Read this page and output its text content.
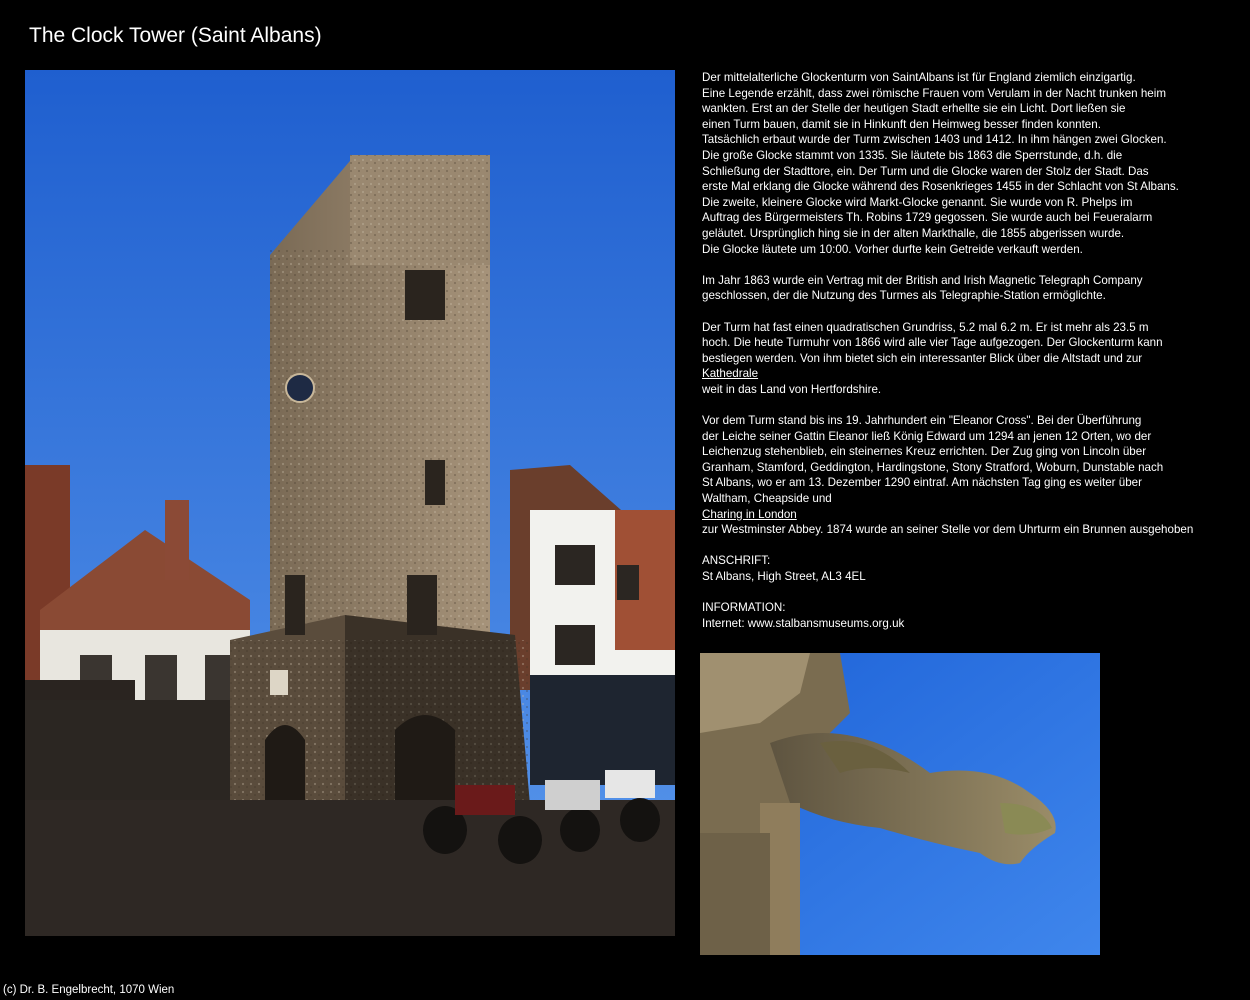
The Clock Tower (Saint Albans)

Der mittelalterliche Glockenturm von SaintAlbans ist für England ziemlich einzigartig.
Eine Legende erzählt, dass zwei römische Frauen vom Verulam in der Nacht trunken heim
wankten. Erst an der Stelle der heutigen Stadt erhellte sie ein Licht. Dort ließen sie
einen Turm bauen, damit sie in Hinkunft den Heimweg besser finden konnten.
Tatsächlich erbaut wurde der Turm zwischen 1403 und 1412. In ihm hängen zwei Glocken.
Die große Glocke stammt von 1335. Sie läutete bis 1863 die Sperrstunde, d.h. die
Schließung der Stadttore, ein. Der Turm und die Glocke waren der Stolz der Stadt. Das
erste Mal erklang die Glocke während des Rosenkrieges 1455 in der Schlacht von St Albans.
Die zweite, kleinere Glocke wird Markt-Glocke genannt. Sie wurde von R. Phelps im
Auftrag des Bürgermeisters Th. Robins 1729 gegossen. Sie wurde auch bei Feueralarm
geläutet. Ursprünglich hing sie in der alten Markthalle, die 1855 abgerissen wurde.
Die Glocke läutete um 10:00. Vorher durfte kein Getreide verkauft werden.

Im Jahr 1863 wurde ein Vertrag mit der British and Irish Magnetic Telegraph Company
geschlossen, der die Nutzung des Turmes als Telegraphie-Station ermöglichte.

Der Turm hat fast einen quadratischen Grundriss, 5.2 mal 6.2 m. Er ist mehr als 23.5 m
hoch. Die heute Turmuhr von 1866 wird alle vier Tage aufgezogen. Der Glockenturm kann
bestiegen werden. Von ihm bietet sich ein interessanter Blick über die Altstadt und zur
Kathedrale
weit in das Land von Hertfordshire.

Vor dem Turm stand bis ins 19. Jahrhundert ein "Eleanor Cross". Bei der Überführung
der Leiche seiner Gattin Eleanor ließ König Edward um 1294 an jenen 12 Orten, wo der
Leichenzug stehenblieb, ein steinernes Kreuz errichten. Der Zug ging von Lincoln über
Granham, Stamford, Geddington, Hardingstone, Stony Stratford, Woburn, Dunstable nach
St Albans, wo er am 13. Dezember 1290 eintraf. Am nächsten Tag ging es weiter über
Waltham, Cheapside und
Charing in London
zur Westminster Abbey. 1874 wurde an seiner Stelle vor dem Uhrturm ein Brunnen ausgehoben

ANSCHRIFT:
St Albans, High Street, AL3 4EL

INFORMATION:
Internet: www.stalbansmuseums.org.uk

(c) Dr. B. Engelbrecht, 1070 Wien
